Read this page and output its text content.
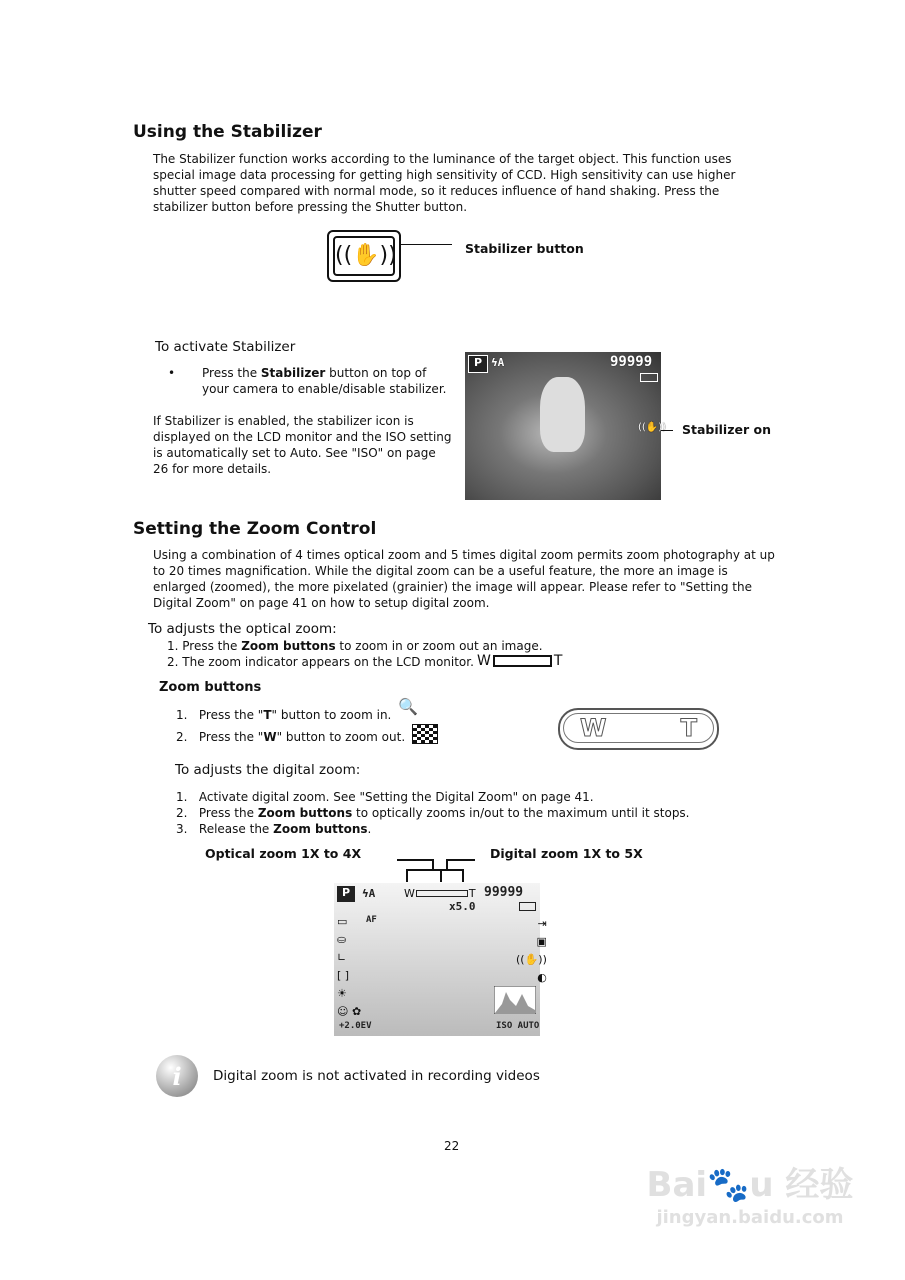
Using the Stabilizer
The Stabilizer function works according to the luminance of the target object. This function uses special image data processing for getting high sensitivity of CCD. High sensitivity can use higher shutter speed compared with normal mode, so it reduces influence of hand shaking. Press the stabilizer button before pressing the Shutter button.
((✋))	Stabilizer button
To activate Stabilizer
• Press the Stabilizer button on top of your camera to enable/disable stabilizer.
If Stabilizer is enabled, the stabilizer icon is displayed on the LCD monitor and the ISO setting is automatically set to Auto. See "ISO" on page 26 for more details.
P ϟA	99999
((✋)) Stabilizer on
Setting the Zoom Control
Using a combination of 4 times optical zoom and 5 times digital zoom permits zoom photography at up to 20 times magnification. While the digital zoom can be a useful feature, the more an image is enlarged (zoomed), the more pixelated (grainier) the image will appear. Please refer to "Setting the Digital Zoom" on page 41 on how to setup digital zoom.
To adjusts the optical zoom:
1. Press the Zoom buttons to zoom in or zoom out an image.
2. The zoom indicator appears on the LCD monitor. W	T
Zoom buttons
1. Press the "T" button to zoom in. 🔍
2. Press the "W" button to zoom out.	W	T
To adjusts the digital zoom:
1. Activate digital zoom. See "Setting the Digital Zoom" on page 41.
2. Press the Zoom buttons to optically zooms in/out to the maximum until it stops.
3. Release the Zoom buttons.
Optical zoom 1X to 4X	Digital zoom 1X to 5X
P	ϟA	W	T 99999
x5.0
AF
▭
⛀
∟
[ ]
☀
☺ ✿
⇥
▣
((✋))
◐
+2.0EV	ISO AUTO
i	Digital zoom is not activated in recording videos
22
Bai🐾u 经验
jingyan.baidu.com
